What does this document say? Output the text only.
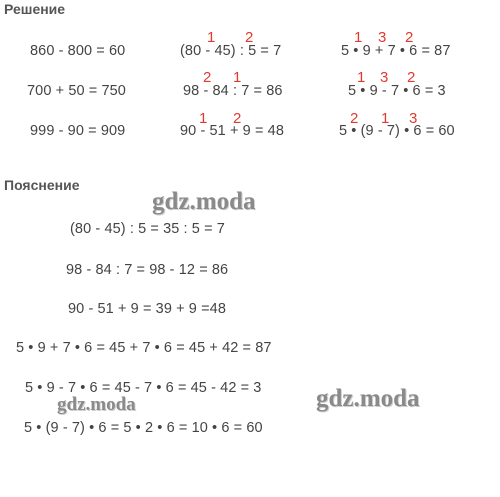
Решение
Пояснение
860 - 800 = 60
700 + 50 = 750
999 - 90 = 909
(80 - 45) : 5 = 7
98 - 84 : 7 = 86
90 - 51 + 9 = 48
5 • 9 + 7 • 6 = 87
5 • 9 - 7 • 6 = 3
5 • (9 - 7) • 6 = 60
1 2
2 1
1 2
1 3 2
1 3 2
2 1 3
(80 - 45) : 5 = 35 : 5 = 7
98 - 84 : 7 = 98 - 12 = 86
90 - 51 + 9 = 39 + 9 =48
5 • 9 + 7 • 6 = 45 + 7 • 6 = 45 + 42 = 87
5 • 9 - 7 • 6 = 45 - 7 • 6 = 45 - 42 = 3
5 • (9 - 7) • 6 = 5 • 2 • 6 = 10 • 6 = 60
gdz.moda
gdz.moda
gdz.moda
